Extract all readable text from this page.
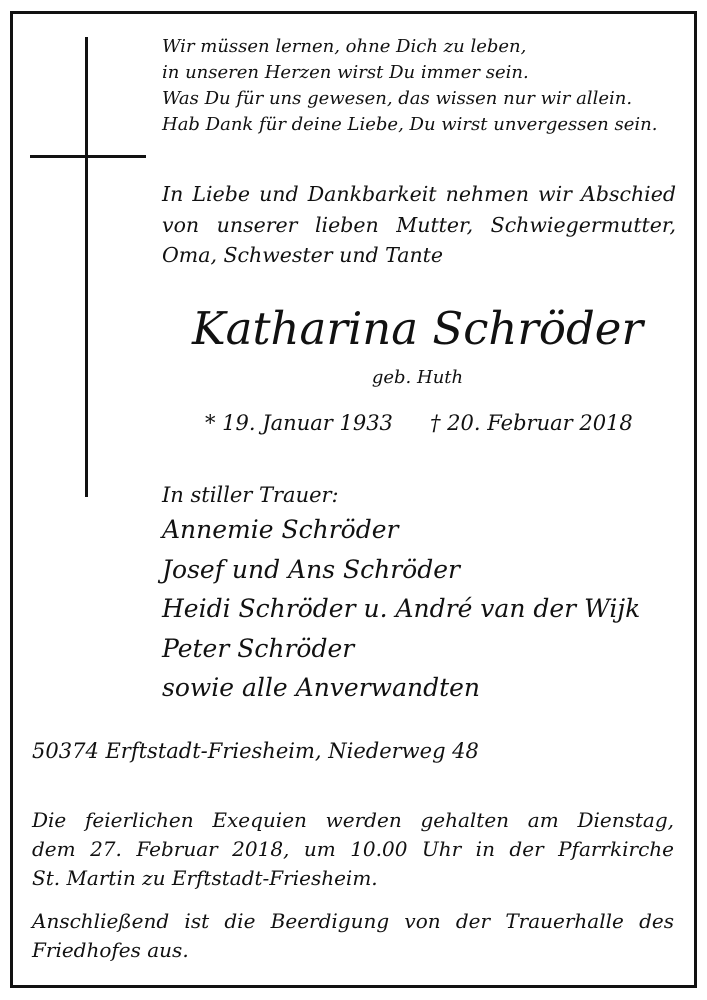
Wir müssen lernen, ohne Dich zu leben,
in unseren Herzen wirst Du immer sein.
Was Du für uns gewesen, das wissen nur wir allein.
Hab Dank für deine Liebe, Du wirst unvergessen sein.
In Liebe und Dankbarkeit nehmen wir Abschied
von unserer lieben Mutter, Schwiegermutter,
Oma, Schwester und Tante
Katharina Schröder
geb. Huth
* 19. Januar 1933 † 20. Februar 2018
In stiller Trauer:
Annemie Schröder
Josef und Ans Schröder
Heidi Schröder u. André van der Wijk
Peter Schröder
sowie alle Anverwandten
50374 Erftstadt-Friesheim, Niederweg 48
Die feierlichen Exequien werden gehalten am Dienstag,
dem 27. Februar 2018, um 10.00 Uhr in der Pfarrkirche
St. Martin zu Erftstadt-Friesheim.
Anschließend ist die Beerdigung von der Trauerhalle des
Friedhofes aus.
